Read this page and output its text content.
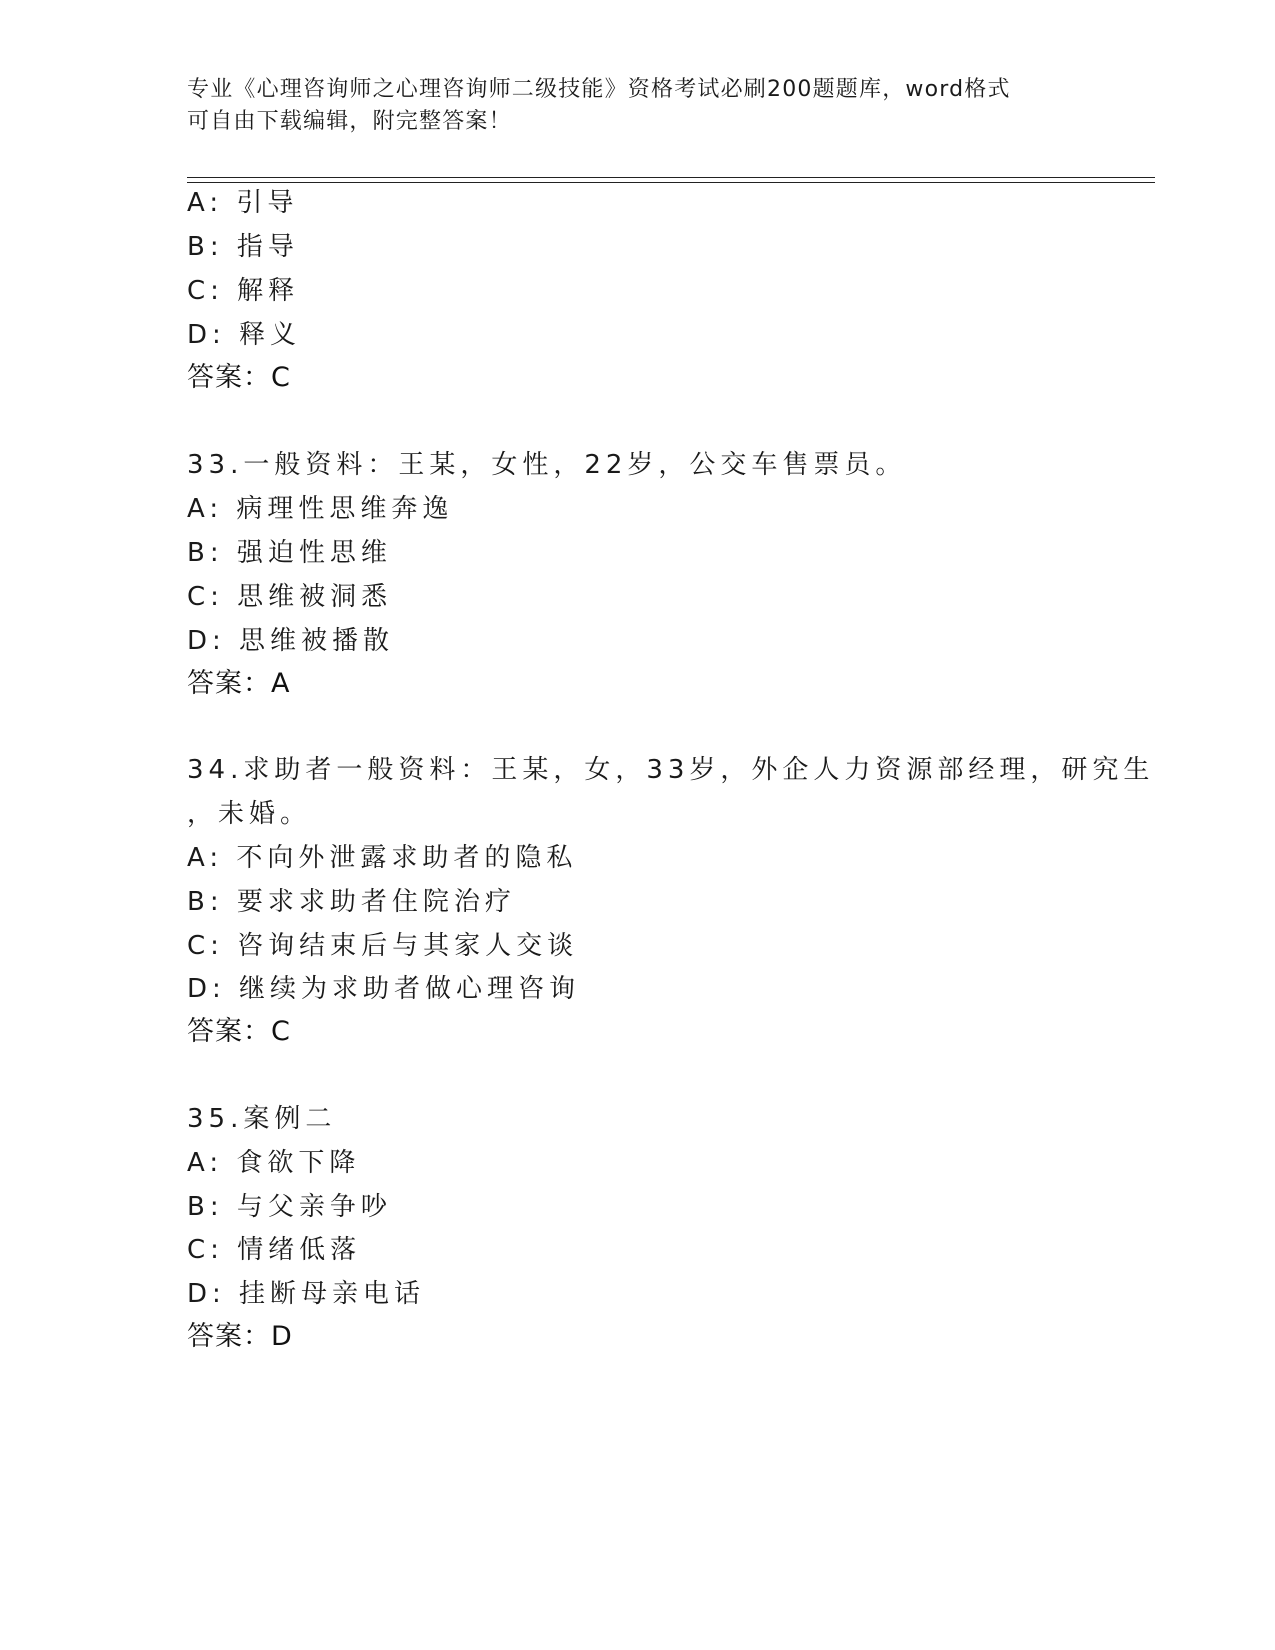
专业《心理咨询师之心理咨询师二级技能》资格考试必刷200题题库，word格式
可自由下载编辑，附完整答案！
A: 引导
B: 指导
C: 解释
D: 释义
答案：C
33.一般资料：王某，女性，22岁，公交车售票员。
A: 病理性思维奔逸
B: 强迫性思维
C: 思维被洞悉
D: 思维被播散
答案：A
34.求助者一般资料：王某，女，33岁，外企人力资源部经理，研究生
，未婚。
A: 不向外泄露求助者的隐私
B: 要求求助者住院治疗
C: 咨询结束后与其家人交谈
D: 继续为求助者做心理咨询
答案：C
35.案例二
A: 食欲下降
B: 与父亲争吵
C: 情绪低落
D: 挂断母亲电话
答案：D
